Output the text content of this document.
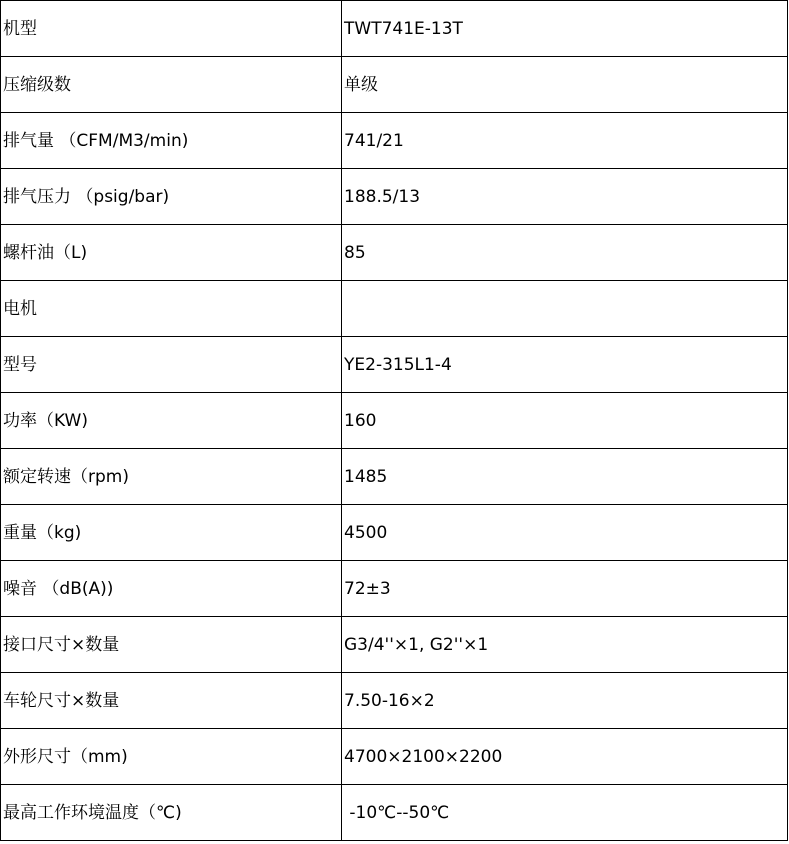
机型	TWT741E-13T
压缩级数	单级
排气量 （CFM/M3/min)	741/21
排气压力 （psig/bar)	188.5/13
螺杆油（L)	85
电机	
型号	YE2-315L1-4
功率（KW)	160
额定转速（rpm)	1485
重量（kg)	4500
噪音 （dB(A))	72±3
接口尺寸×数量	G3/4''×1, G2''×1
车轮尺寸×数量	7.50-16×2
外形尺寸（mm)	4700×2100×2200
最高工作环境温度（℃)	-10℃--50℃
